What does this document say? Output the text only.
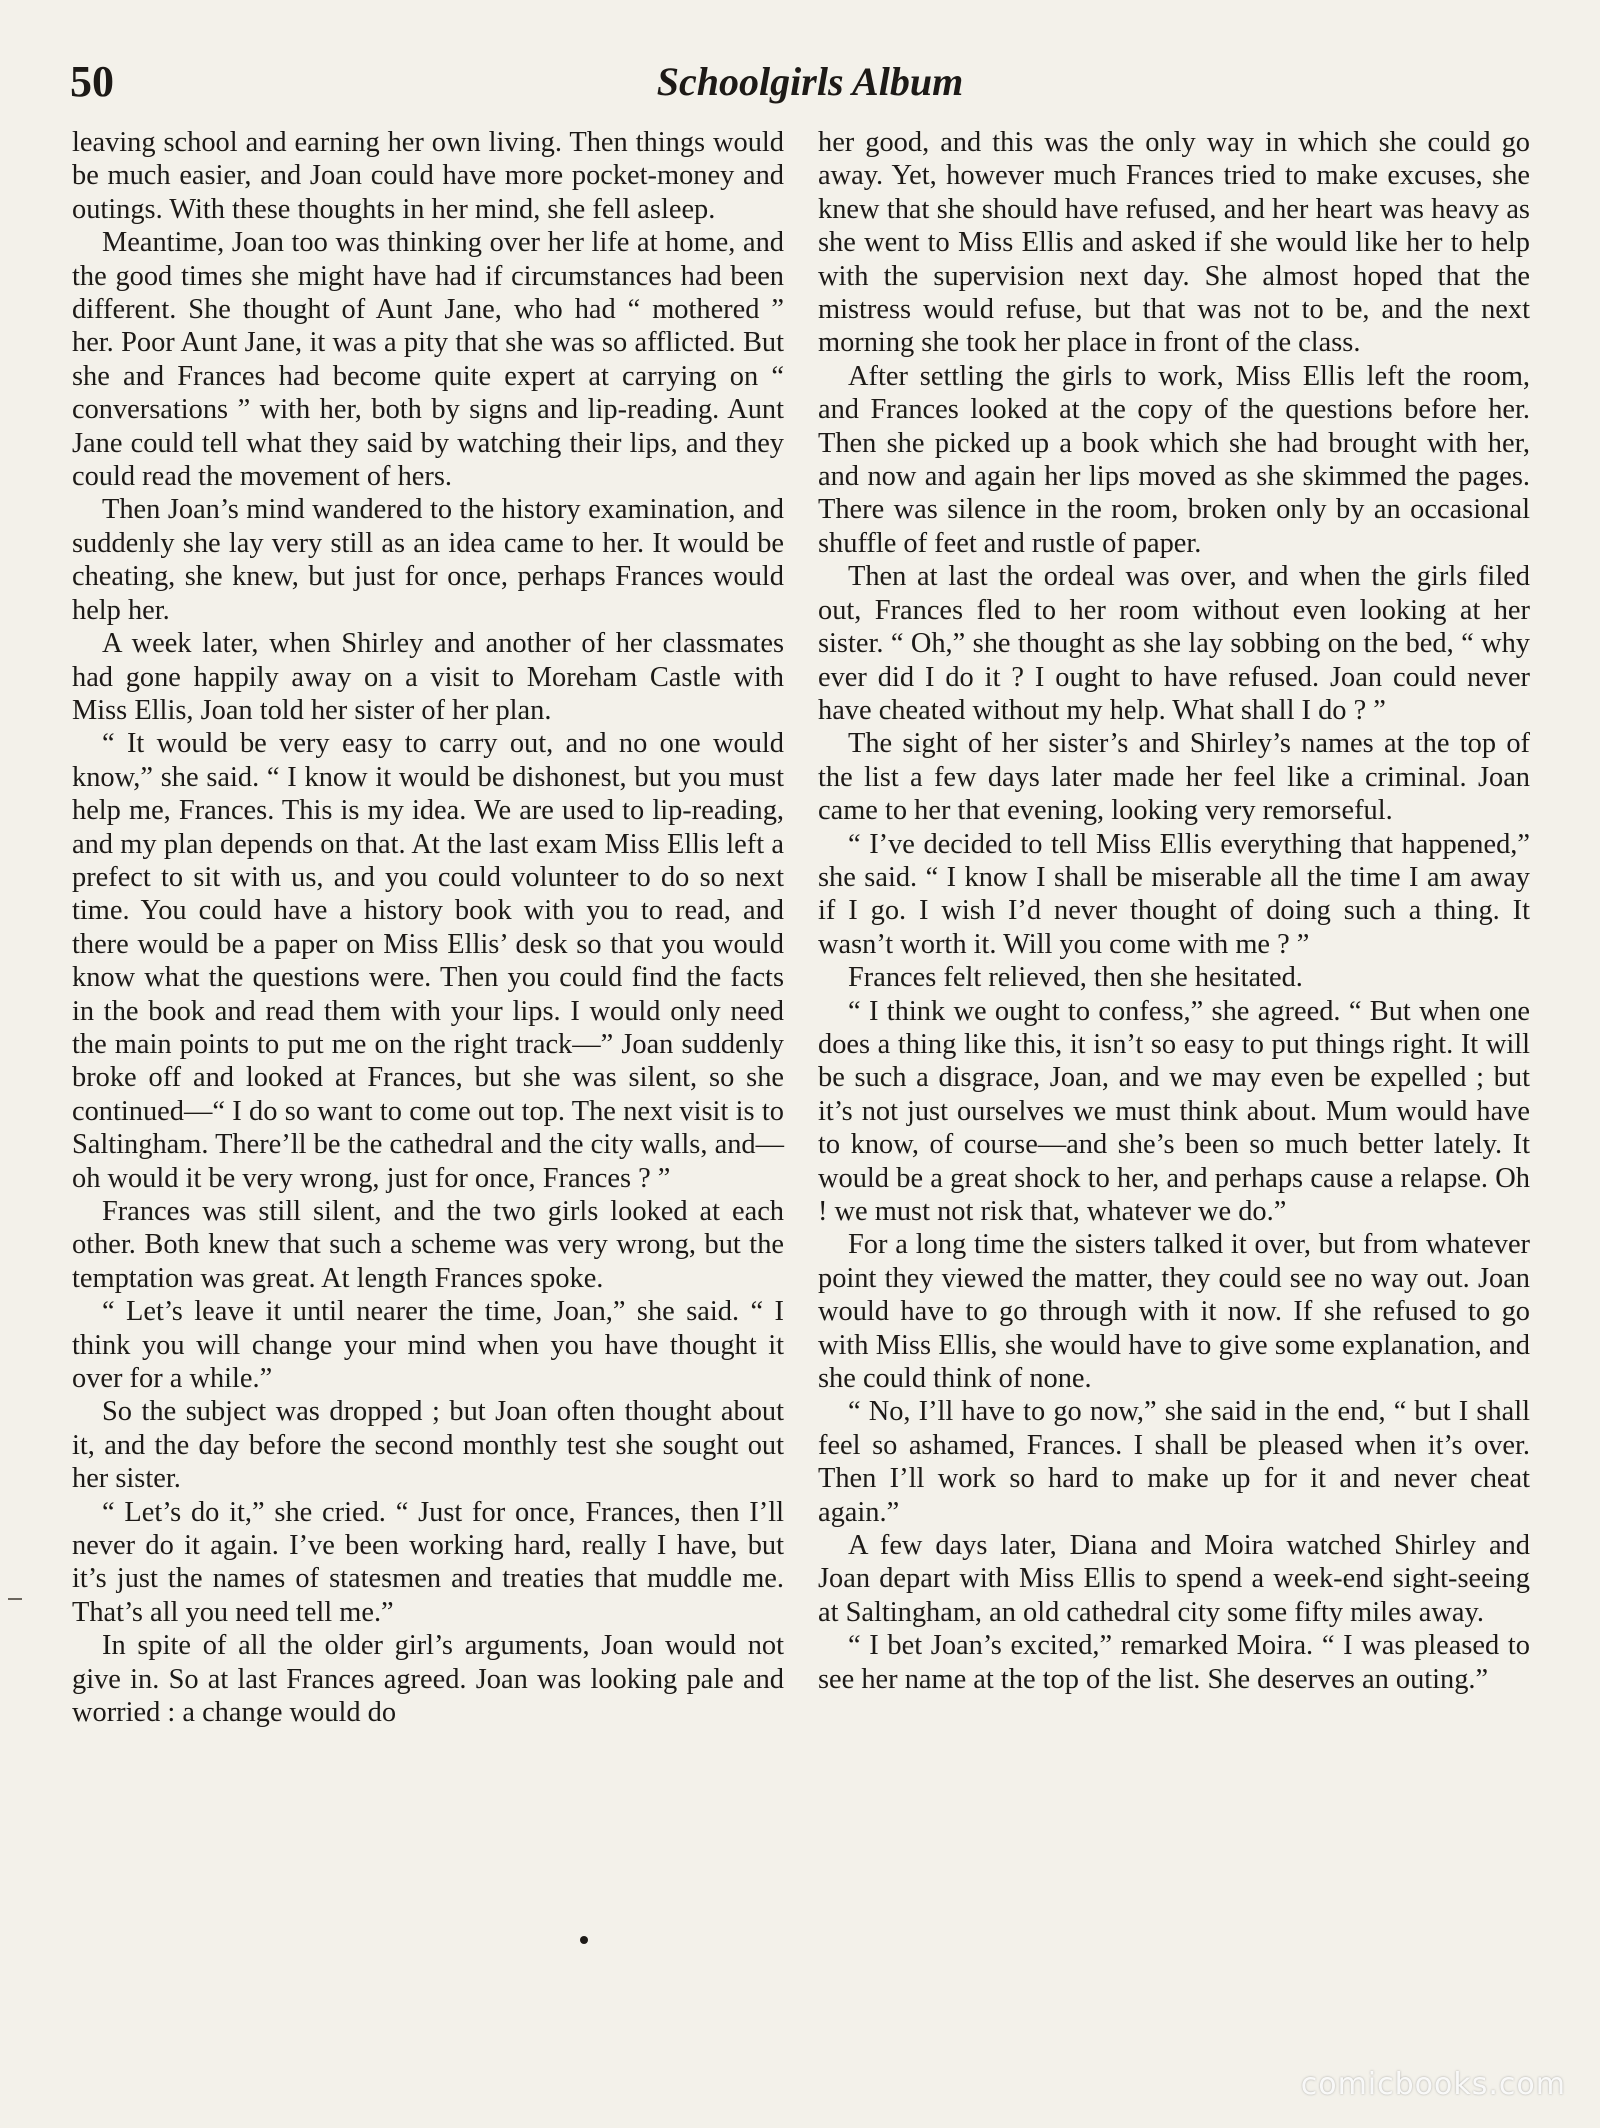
50	Schoolgirls Album

leaving school and earning her own living. Then things would be much easier, and Joan could have more pocket-money and outings. With these thoughts in her mind, she fell asleep.

Meantime, Joan too was thinking over her life at home, and the good times she might have had if circumstances had been different. She thought of Aunt Jane, who had “ mothered ” her. Poor Aunt Jane, it was a pity that she was so afflicted. But she and Frances had become quite expert at carrying on “ conversations ” with her, both by signs and lip-reading. Aunt Jane could tell what they said by watching their lips, and they could read the movement of hers.

Then Joan’s mind wandered to the history examination, and suddenly she lay very still as an idea came to her. It would be cheating, she knew, but just for once, perhaps Frances would help her.

A week later, when Shirley and another of her classmates had gone happily away on a visit to Moreham Castle with Miss Ellis, Joan told her sister of her plan.

“ It would be very easy to carry out, and no one would know,” she said. “ I know it would be dishonest, but you must help me, Frances. This is my idea. We are used to lip-reading, and my plan depends on that. At the last exam Miss Ellis left a prefect to sit with us, and you could volunteer to do so next time. You could have a history book with you to read, and there would be a paper on Miss Ellis’ desk so that you would know what the questions were. Then you could find the facts in the book and read them with your lips. I would only need the main points to put me on the right track—” Joan suddenly broke off and looked at Frances, but she was silent, so she continued—“ I do so want to come out top. The next visit is to Saltingham. There’ll be the cathedral and the city walls, and—oh would it be very wrong, just for once, Frances ? ”

Frances was still silent, and the two girls looked at each other. Both knew that such a scheme was very wrong, but the temptation was great. At length Frances spoke.

“ Let’s leave it until nearer the time, Joan,” she said. “ I think you will change your mind when you have thought it over for a while.”

So the subject was dropped ; but Joan often thought about it, and the day before the second monthly test she sought out her sister.

“ Let’s do it,” she cried. “ Just for once, Frances, then I’ll never do it again. I’ve been working hard, really I have, but it’s just the names of statesmen and treaties that muddle me. That’s all you need tell me.”

In spite of all the older girl’s arguments, Joan would not give in. So at last Frances agreed. Joan was looking pale and worried : a change would do

her good, and this was the only way in which she could go away. Yet, however much Frances tried to make excuses, she knew that she should have refused, and her heart was heavy as she went to Miss Ellis and asked if she would like her to help with the supervision next day. She almost hoped that the mistress would refuse, but that was not to be, and the next morning she took her place in front of the class.

After settling the girls to work, Miss Ellis left the room, and Frances looked at the copy of the questions before her. Then she picked up a book which she had brought with her, and now and again her lips moved as she skimmed the pages. There was silence in the room, broken only by an occasional shuffle of feet and rustle of paper.

Then at last the ordeal was over, and when the girls filed out, Frances fled to her room without even looking at her sister. “ Oh,” she thought as she lay sobbing on the bed, “ why ever did I do it ? I ought to have refused. Joan could never have cheated without my help. What shall I do ? ”

The sight of her sister’s and Shirley’s names at the top of the list a few days later made her feel like a criminal. Joan came to her that evening, looking very remorseful.

“ I’ve decided to tell Miss Ellis everything that happened,” she said. “ I know I shall be miserable all the time I am away if I go. I wish I’d never thought of doing such a thing. It wasn’t worth it. Will you come with me ? ”

Frances felt relieved, then she hesitated.

“ I think we ought to confess,” she agreed. “ But when one does a thing like this, it isn’t so easy to put things right. It will be such a disgrace, Joan, and we may even be expelled ; but it’s not just ourselves we must think about. Mum would have to know, of course—and she’s been so much better lately. It would be a great shock to her, and perhaps cause a relapse. Oh ! we must not risk that, whatever we do.”

For a long time the sisters talked it over, but from whatever point they viewed the matter, they could see no way out. Joan would have to go through with it now. If she refused to go with Miss Ellis, she would have to give some explanation, and she could think of none.

“ No, I’ll have to go now,” she said in the end, “ but I shall feel so ashamed, Frances. I shall be pleased when it’s over. Then I’ll work so hard to make up for it and never cheat again.”

A few days later, Diana and Moira watched Shirley and Joan depart with Miss Ellis to spend a week-end sight-seeing at Saltingham, an old cathedral city some fifty miles away.

“ I bet Joan’s excited,” remarked Moira. “ I was pleased to see her name at the top of the list. She deserves an outing.”

comicbooks.com
